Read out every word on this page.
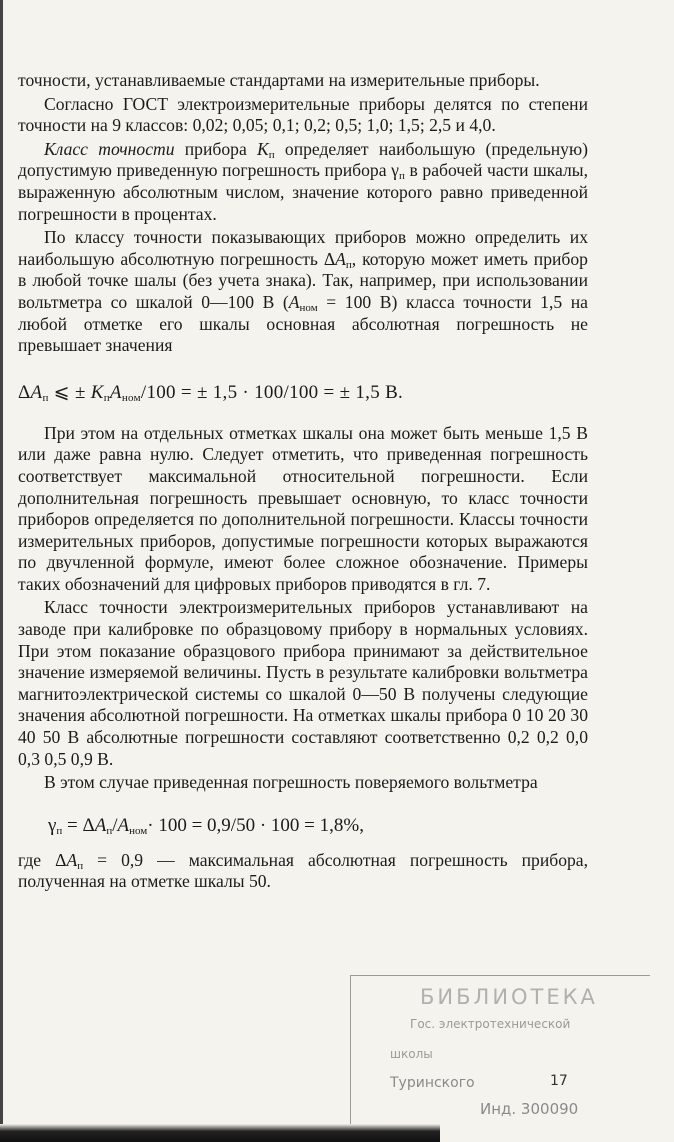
точности, устанавливаемые стандартами на измерительные приборы.

Согласно ГОСТ электроизмерительные приборы делятся по степени точности на 9 классов: 0,02; 0,05; 0,1; 0,2; 0,5; 1,0; 1,5; 2,5 и 4,0.

Класс точности прибора $K_п$ определяет наибольшую (предельную) допустимую приведенную погрешность прибора $\gamma_п$ в рабочей части шкалы, выраженную абсолютным числом, значение которого равно приведенной погрешности в процентах.

По классу точности показывающих приборов можно определить их наибольшую абсолютную погрешность $\Delta A_п$, которую может иметь прибор в любой точке шалы (без учета знака). Так, например, при использовании вольтметра со шкалой 0—100 В ($A_{ном} = 100$ В) класса точности 1,5 на любой отметке его шкалы основная абсолютная погрешность не превышает значения

$\Delta A_п$ ⩽ ± $K_пA_{ном}/100$ = ± 1,5 · 100/100 = ± 1,5 В.

При этом на отдельных отметках шкалы она может быть меньше 1,5 В или даже равна нулю. Следует отметить, что приведенная погрешность соответствует максимальной относительной погрешности. Если дополнительная погрешность превышает основную, то класс точности приборов определяется по дополнительной погрешности. Классы точности измерительных приборов, допустимые погрешности которых выражаются по двучленной формуле, имеют более сложное обозначение. Примеры таких обозначений для цифровых приборов приводятся в гл. 7.

Класс точности электроизмерительных приборов устанавливают на заводе при калибровке по образцовому прибору в нормальных условиях. При этом показание образцового прибора принимают за действительное значение измеряемой величины. Пусть в результате калибровки вольтметра магнитоэлектрической системы со шкалой 0—50 В получены следующие значения абсолютной погрешности. На отметках шкалы прибора 0 10 20 30 40 50 В абсолютные погрешности составляют соответственно 0,2 0,2 0,0 0,3 0,5 0,9 В.

В этом случае приведенная погрешность поверяемого вольтметра

$\gamma_п = \Delta A_п/A_{ном}\cdot 100 = 0,9/50 \cdot 100 = 1,8\%$,

где $\Delta A_п = 0,9$ — максимальная абсолютная погрешность прибора, полученная на отметке шкалы 50.

БИБЛИОТЕКА
Гос. электротехнической
школы
Туринского	17
Инд. 300090
